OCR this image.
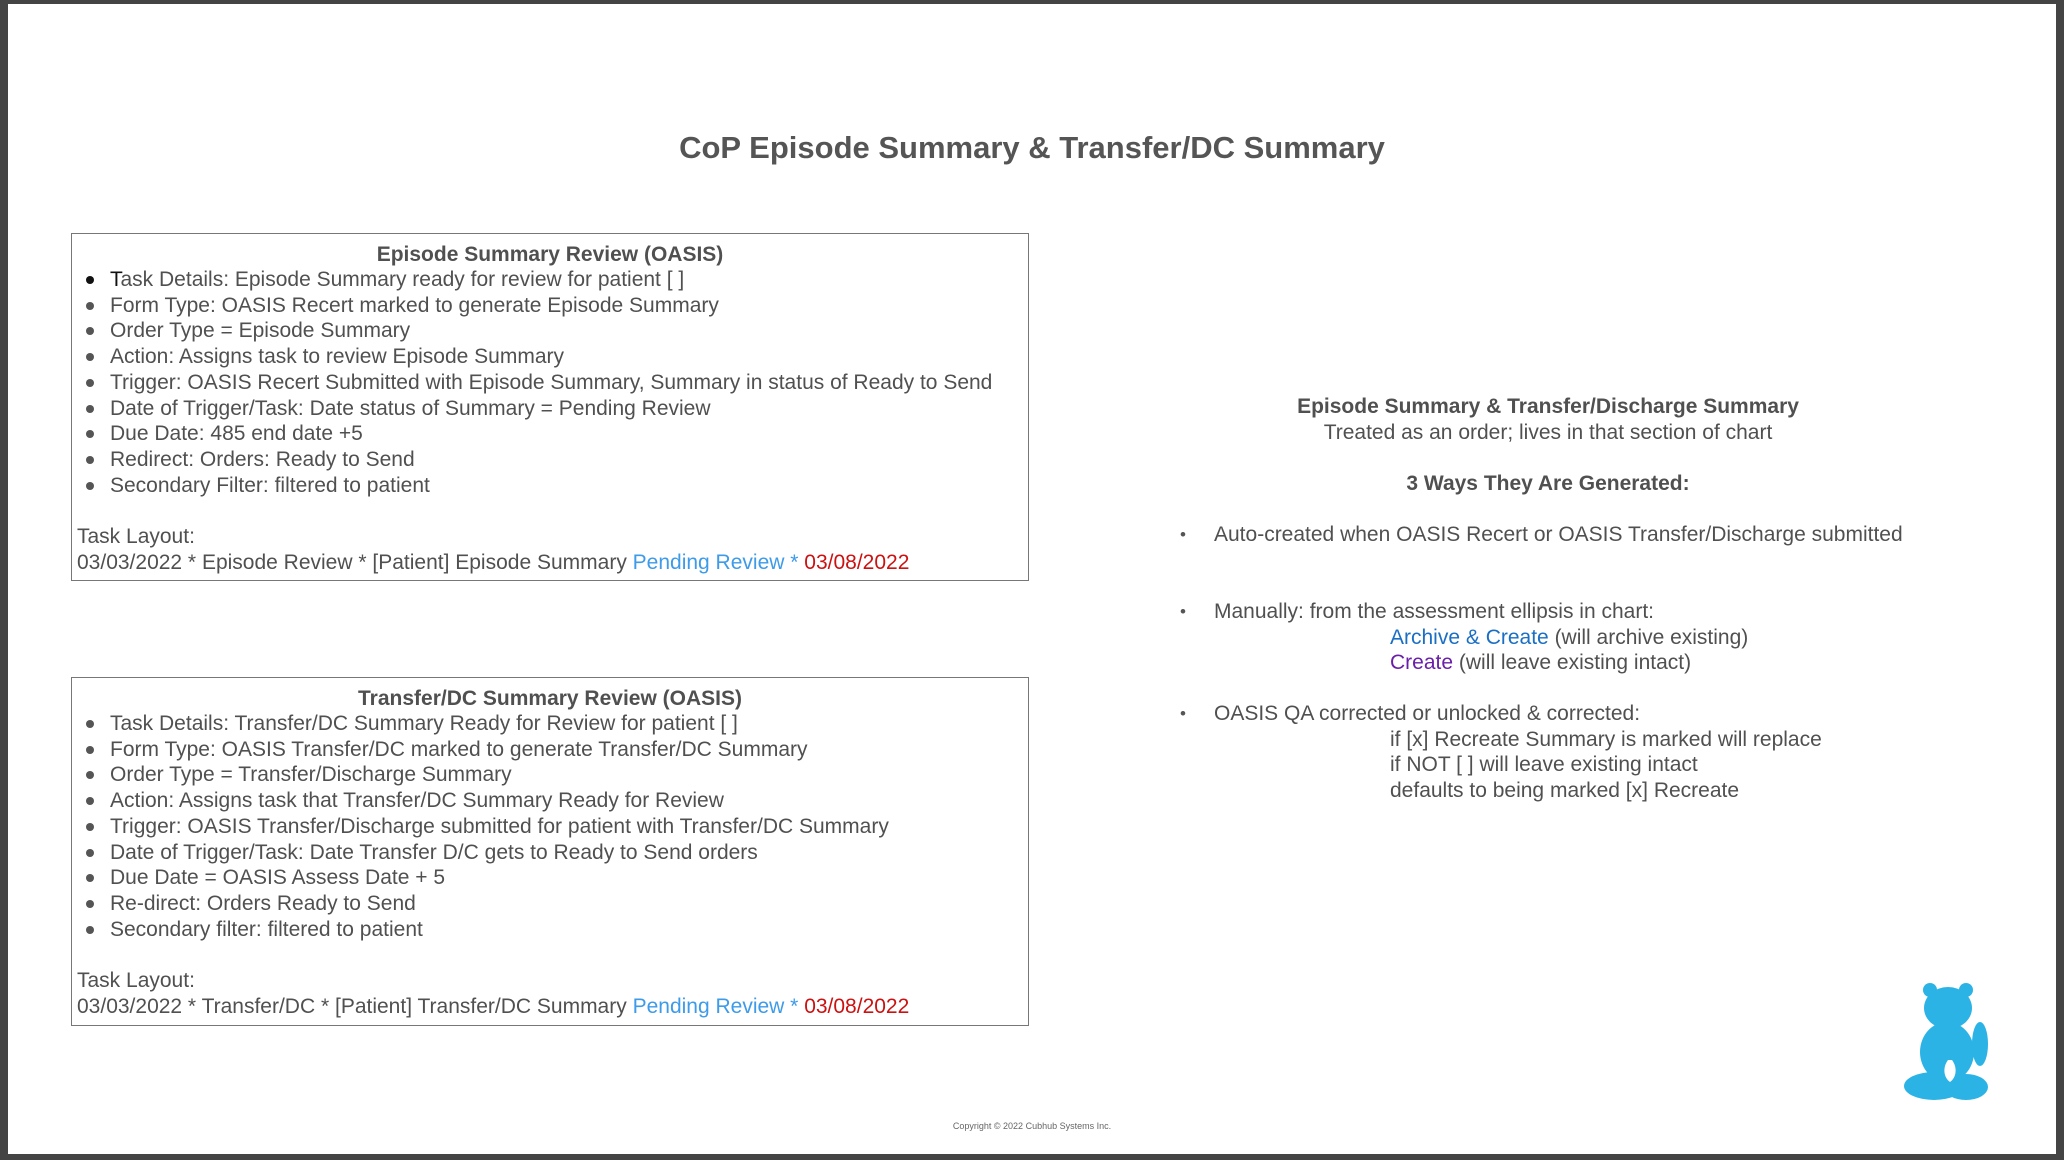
CoP Episode Summary & Transfer/DC Summary
Episode Summary Review (OASIS)
Task Details: Episode Summary ready for review for patient [ ]
Form Type: OASIS Recert marked to generate Episode Summary
Order Type = Episode Summary
Action: Assigns task to review Episode Summary
Trigger: OASIS Recert Submitted with Episode Summary, Summary in status of Ready to Send
Date of Trigger/Task: Date status of Summary = Pending Review
Due Date: 485 end date +5
Redirect: Orders: Ready to Send
Secondary Filter: filtered to patient
Task Layout:
03/03/2022 * Episode Review * [Patient] Episode Summary Pending Review * 03/08/2022
Transfer/DC Summary Review (OASIS)
Task Details: Transfer/DC Summary Ready for Review for patient [ ]
Form Type: OASIS Transfer/DC marked to generate Transfer/DC Summary
Order Type = Transfer/Discharge Summary
Action: Assigns task that Transfer/DC Summary Ready for Review
Trigger: OASIS Transfer/Discharge submitted for patient with Transfer/DC Summary
Date of Trigger/Task: Date Transfer D/C gets to Ready to Send orders
Due Date = OASIS Assess Date + 5
Re-direct: Orders Ready to Send
Secondary filter: filtered to patient
Task Layout:
03/03/2022 * Transfer/DC * [Patient] Transfer/DC Summary Pending Review * 03/08/2022
Episode Summary & Transfer/Discharge Summary
Treated as an order; lives in that section of chart
3 Ways They Are Generated:
• Auto-created when OASIS Recert or OASIS Transfer/Discharge submitted
• Manually: from the assessment ellipsis in chart:
Archive & Create (will archive existing)
Create (will leave existing intact)
• OASIS QA corrected or unlocked & corrected:
if [x] Recreate Summary is marked will replace
if NOT [ ] will leave existing intact
defaults to being marked [x] Recreate
Copyright © 2022 Cubhub Systems Inc.
